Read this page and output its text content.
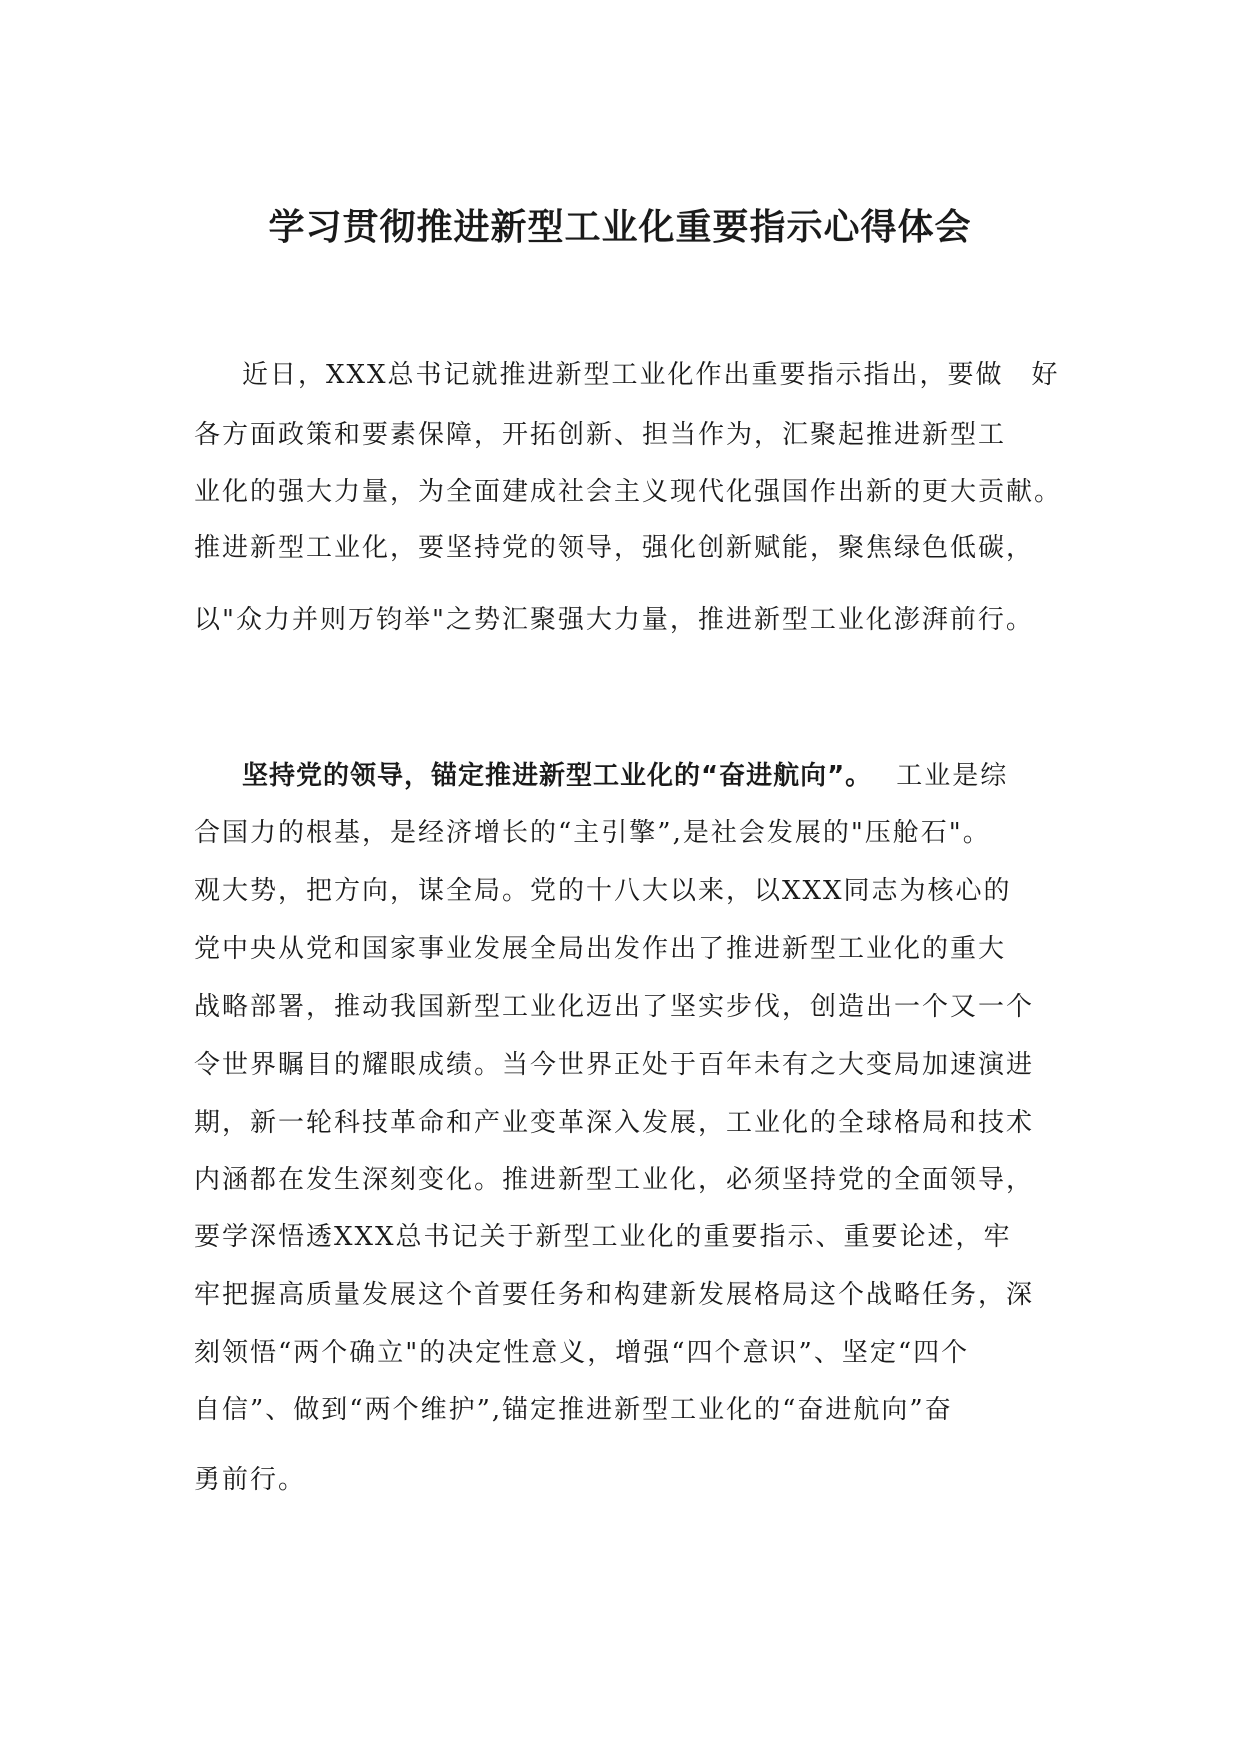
学习贯彻推进新型工业化重要指示心得体会
近日，XXX总书记就推进新型工业化作出重要指示指出，要做　好
各方面政策和要素保障，开拓创新、担当作为，汇聚起推进新型工
业化的强大力量，为全面建成社会主义现代化强国作出新的更大贡献。
推进新型工业化，要坚持党的领导，强化创新赋能，聚焦绿色低碳，
以"众力并则万钧举"之势汇聚强大力量，推进新型工业化澎湃前行。
坚持党的领导，锚定推进新型工业化的“奋进航向”。 工业是综
合国力的根基，是经济增长的“主引擎”,是社会发展的"压舱石"。
观大势，把方向，谋全局。党的十八大以来，以XXX同志为核心的
党中央从党和国家事业发展全局出发作出了推进新型工业化的重大
战略部署，推动我国新型工业化迈出了坚实步伐，创造出一个又一个
令世界瞩目的耀眼成绩。当今世界正处于百年未有之大变局加速演进
期，新一轮科技革命和产业变革深入发展，工业化的全球格局和技术
内涵都在发生深刻变化。推进新型工业化，必须坚持党的全面领导，
要学深悟透XXX总书记关于新型工业化的重要指示、重要论述，牢
牢把握高质量发展这个首要任务和构建新发展格局这个战略任务，深
刻领悟“两个确立"的决定性意义，增强“四个意识”、坚定“四个
自信”、做到“两个维护”,锚定推进新型工业化的“奋进航向”奋
勇前行。
